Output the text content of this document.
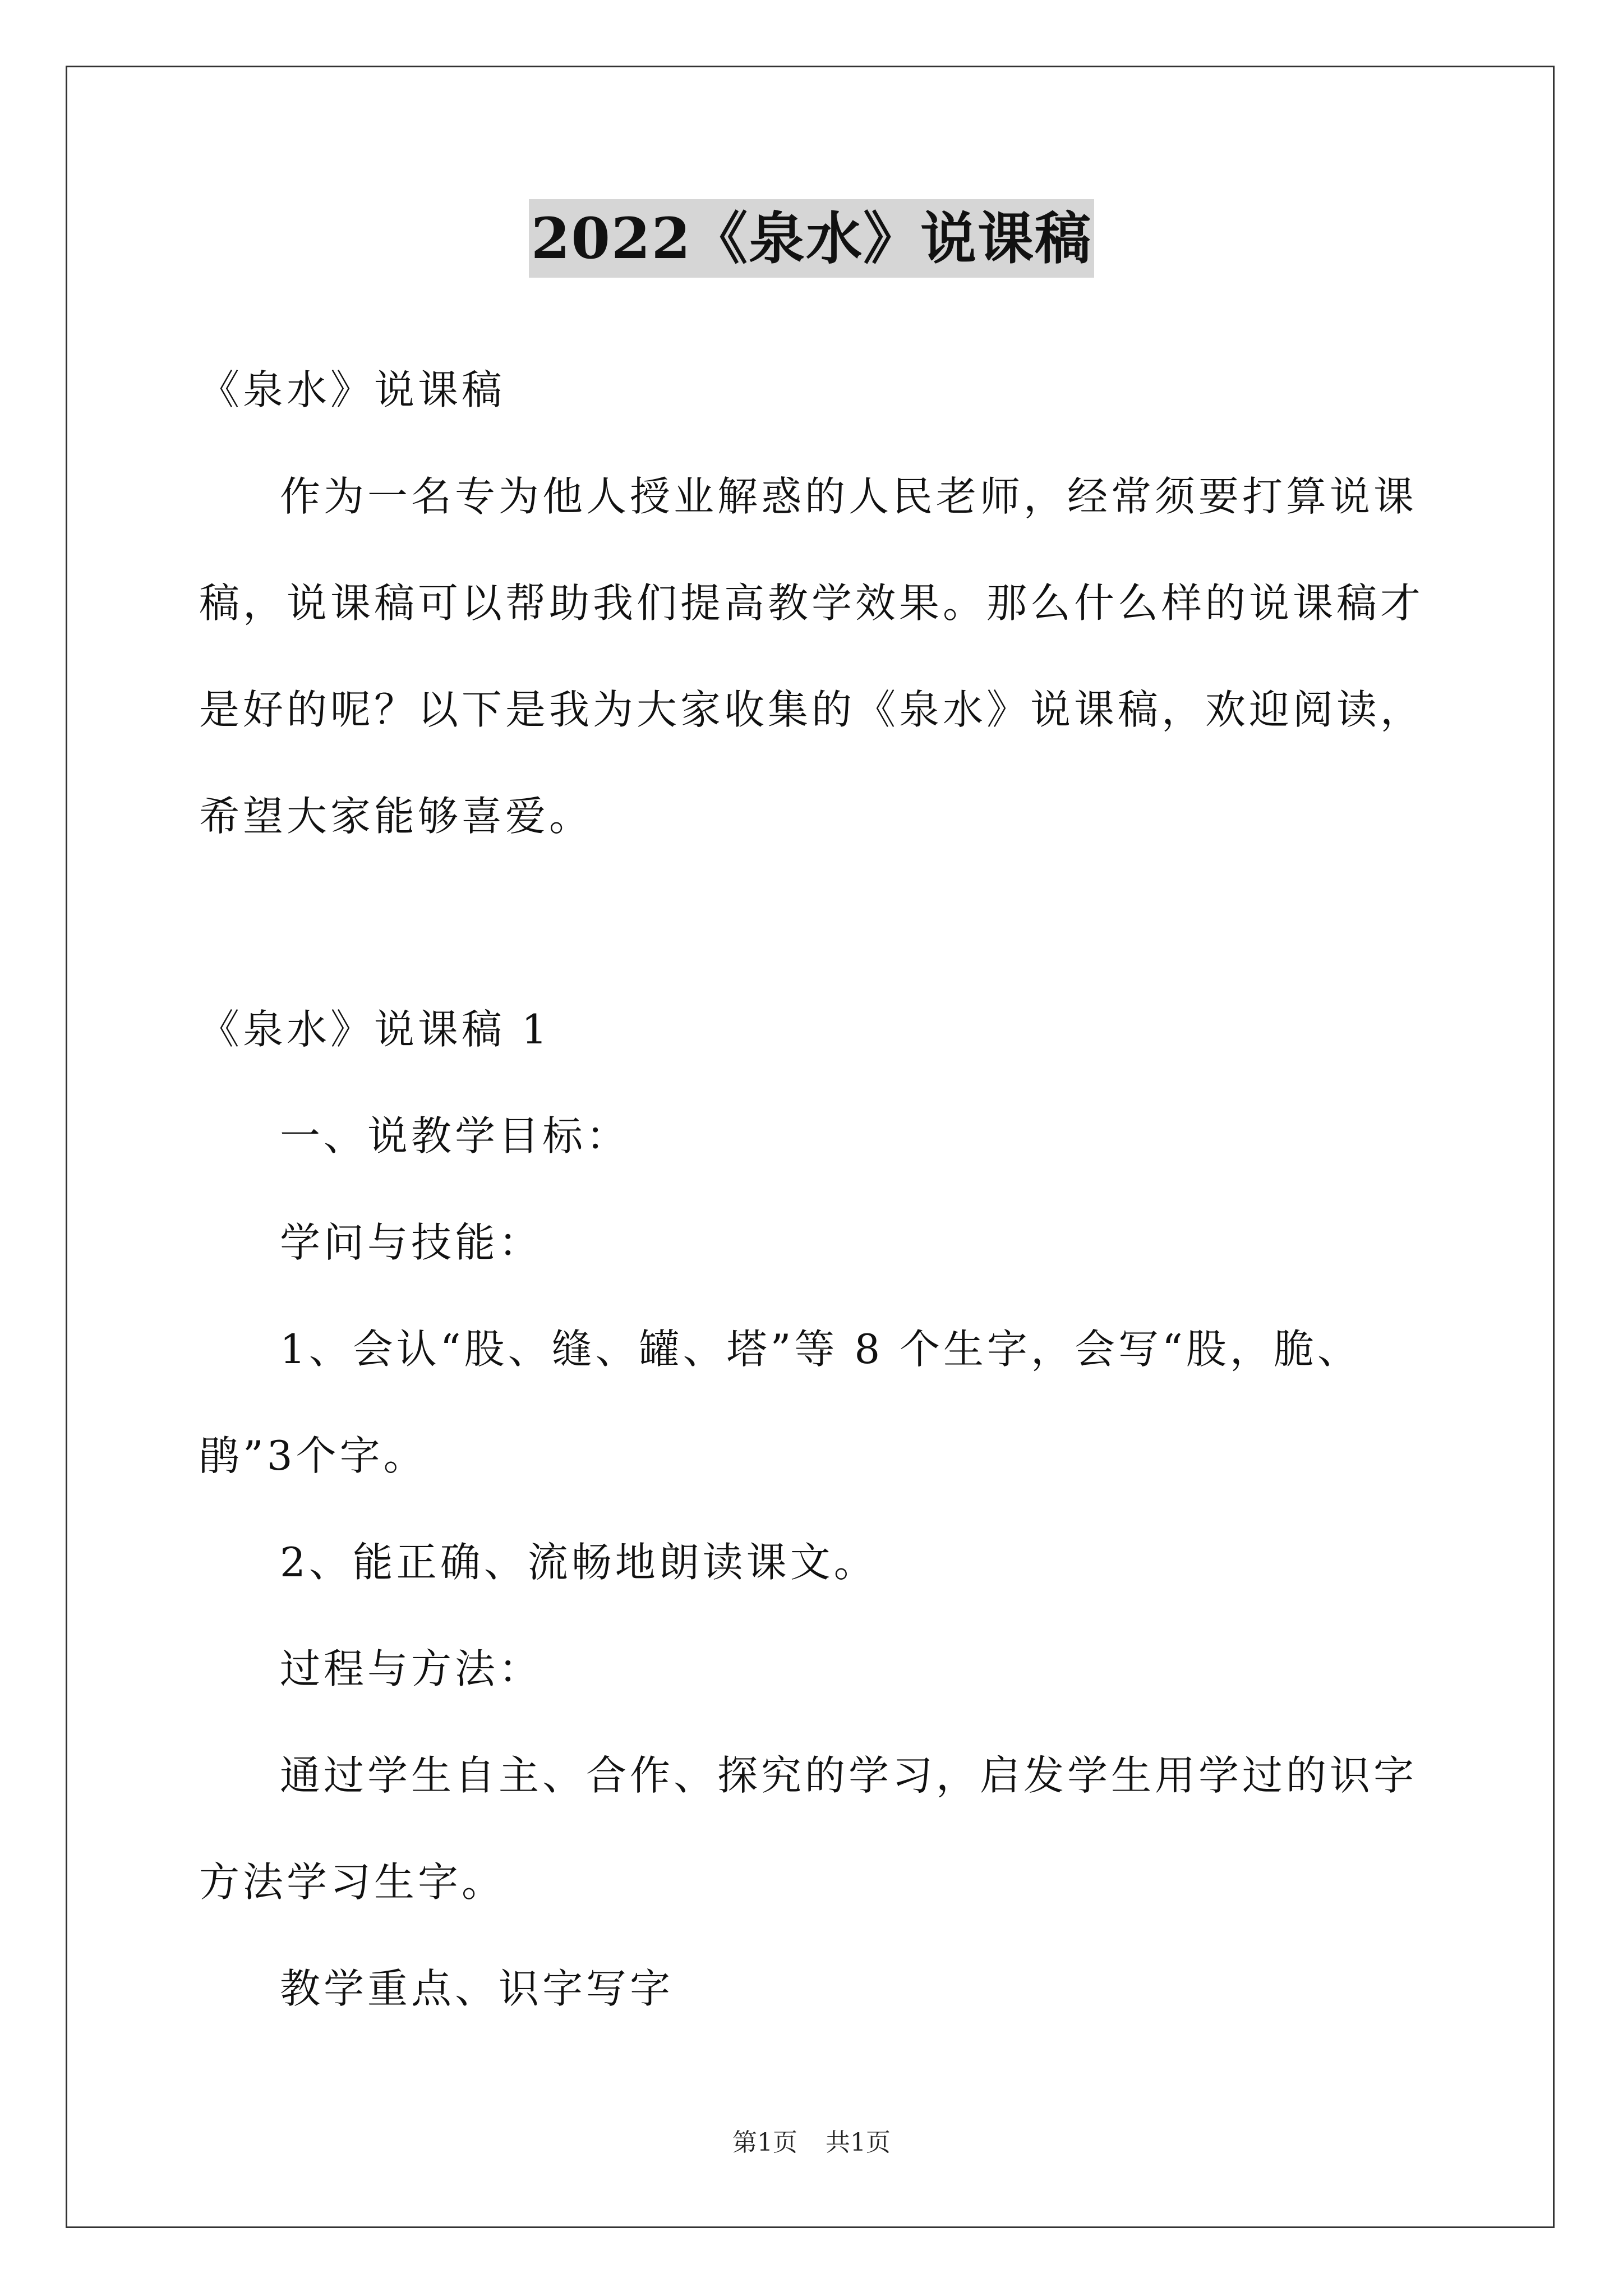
2022《泉水》说课稿

《泉水》说课稿

作为一名专为他人授业解惑的人民老师，经常须要打算说课稿，说课稿可以帮助我们提高教学效果。那么什么样的说课稿才是好的呢？以下是我为大家收集的《泉水》说课稿，欢迎阅读，希望大家能够喜爱。

《泉水》说课稿 1

一、说教学目标：

学问与技能：

1、会认“股、缝、罐、塔”等 8 个生字，会写“股，脆、鹃”3个字。

2、能正确、流畅地朗读课文。

过程与方法：

通过学生自主、合作、探究的学习，启发学生用学过的识字方法学习生字。

教学重点、识字写字

第1页 共1页
